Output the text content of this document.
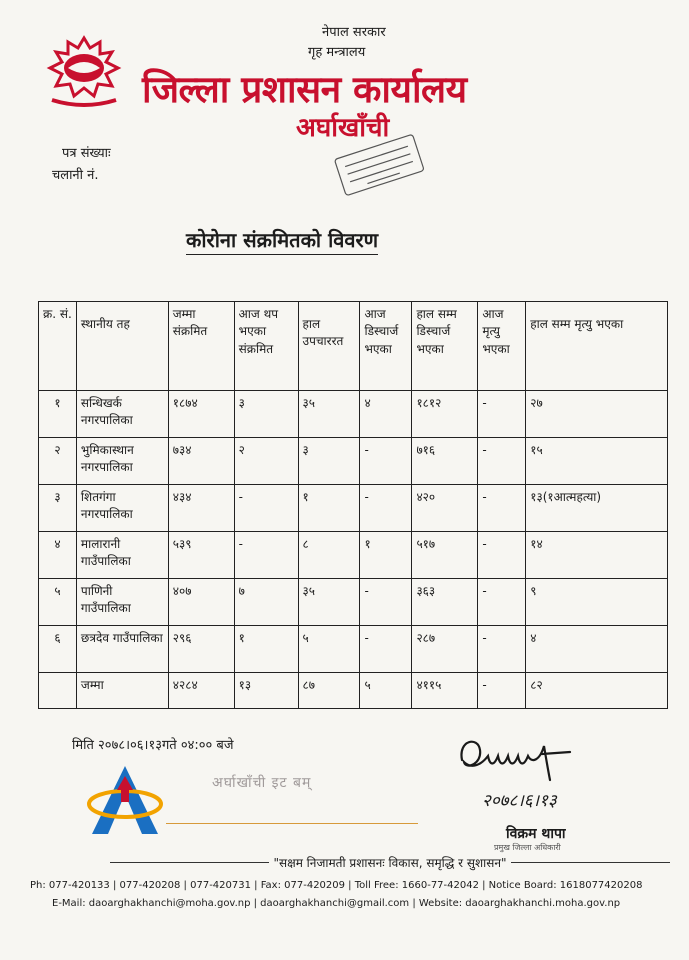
नेपाल सरकार
गृह मन्त्रालय
जिल्ला प्रशासन कार्यालय
अर्घाखाँची
पत्र संख्याः
चलानी नं.
कोरोना संक्रमितको विवरण
क्र. सं.	स्थानीय तह	जम्मा संक्रमित	आज थप भएका संक्रमित	हाल उपचाररत	आज डिस्चार्ज भएका	हाल सम्म डिस्चार्ज भएका	आज मृत्यु भएका	हाल सम्म मृत्यु भएका
१	सन्धिखर्क नगरपालिका	१८७४	३	३५	४	१८१२	-	२७
२	भुमिकास्थान नगरपालिका	७३४	२	३	-	७१६	-	१५
३	शितगंगा नगरपालिका	४३४	-	१	-	४२०	-	१३(१आत्महत्या)
४	मालारानी गाउँपालिका	५३९	-	८	१	५१७	-	१४
५	पाणिनी गाउँपालिका	४०७	७	३५	-	३६३	-	९
६	छत्रदेव गाउँपालिका	२९६	१	५	-	२८७	-	४
	जम्मा	४२८४	१३	८७	५	४११५	-	८२
मिति २०७८।०६।१३गते ०४:०० बजे
अर्घाखाँची इट बम्
२०७८।६।१३
विक्रम थापा
प्रमुख जिल्ला अधिकारी
"सक्षम निजामती प्रशासनः विकास, समृद्धि र सुशासन"
Ph: 077-420133 | 077-420208 | 077-420731 | Fax: 077-420209 | Toll Free: 1660-77-42042 | Notice Board: 1618077420208
E-Mail: daoarghakhanchi@moha.gov.np | daoarghakhanchi@gmail.com | Website: daoarghakhanchi.moha.gov.np
